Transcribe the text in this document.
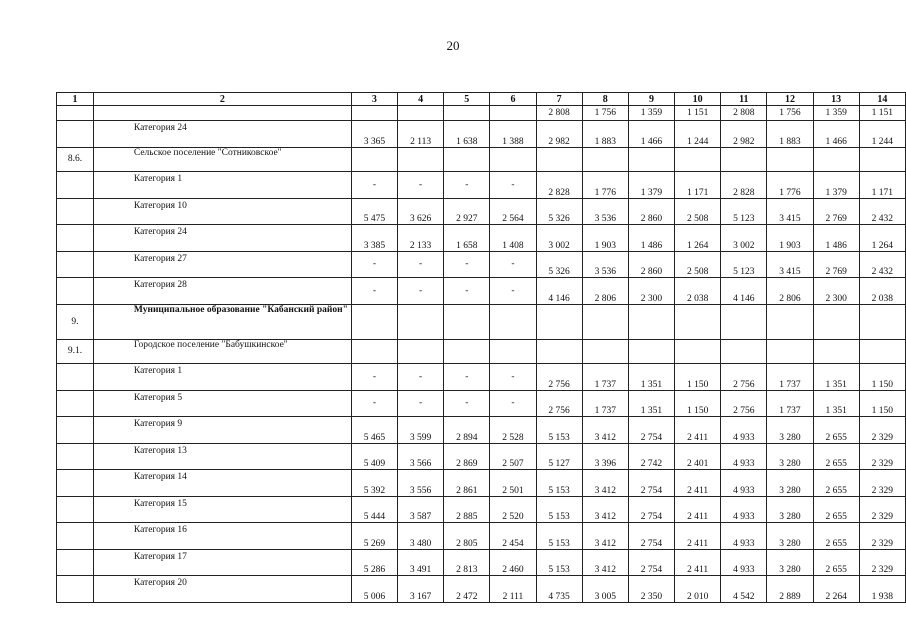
20
1	2	3	4	5	6	7	8	9	10	11	12	13	14
						2 808	1 756	1 359	1 151	2 808	1 756	1 359	1 151
	Категория 24	3 365	2 113	1 638	1 388	2 982	1 883	1 466	1 244	2 982	1 883	1 466	1 244
8.6.	Сельское поселение "Сотниковское"												
	Категория 1	-	-	-	-	2 828	1 776	1 379	1 171	2 828	1 776	1 379	1 171
	Категория 10	5 475	3 626	2 927	2 564	5 326	3 536	2 860	2 508	5 123	3 415	2 769	2 432
	Категория 24	3 385	2 133	1 658	1 408	3 002	1 903	1 486	1 264	3 002	1 903	1 486	1 264
	Категория 27	-	-	-	-	5 326	3 536	2 860	2 508	5 123	3 415	2 769	2 432
	Категория 28	-	-	-	-	4 146	2 806	2 300	2 038	4 146	2 806	2 300	2 038
9.	Муниципальное образование "Кабанский район"												
9.1.	Городское поселение "Бабушкинское"												
	Категория 1	-	-	-	-	2 756	1 737	1 351	1 150	2 756	1 737	1 351	1 150
	Категория 5	-	-	-	-	2 756	1 737	1 351	1 150	2 756	1 737	1 351	1 150
	Категория 9	5 465	3 599	2 894	2 528	5 153	3 412	2 754	2 411	4 933	3 280	2 655	2 329
	Категория 13	5 409	3 566	2 869	2 507	5 127	3 396	2 742	2 401	4 933	3 280	2 655	2 329
	Категория 14	5 392	3 556	2 861	2 501	5 153	3 412	2 754	2 411	4 933	3 280	2 655	2 329
	Категория 15	5 444	3 587	2 885	2 520	5 153	3 412	2 754	2 411	4 933	3 280	2 655	2 329
	Категория 16	5 269	3 480	2 805	2 454	5 153	3 412	2 754	2 411	4 933	3 280	2 655	2 329
	Категория 17	5 286	3 491	2 813	2 460	5 153	3 412	2 754	2 411	4 933	3 280	2 655	2 329
	Категория 20	5 006	3 167	2 472	2 111	4 735	3 005	2 350	2 010	4 542	2 889	2 264	1 938
